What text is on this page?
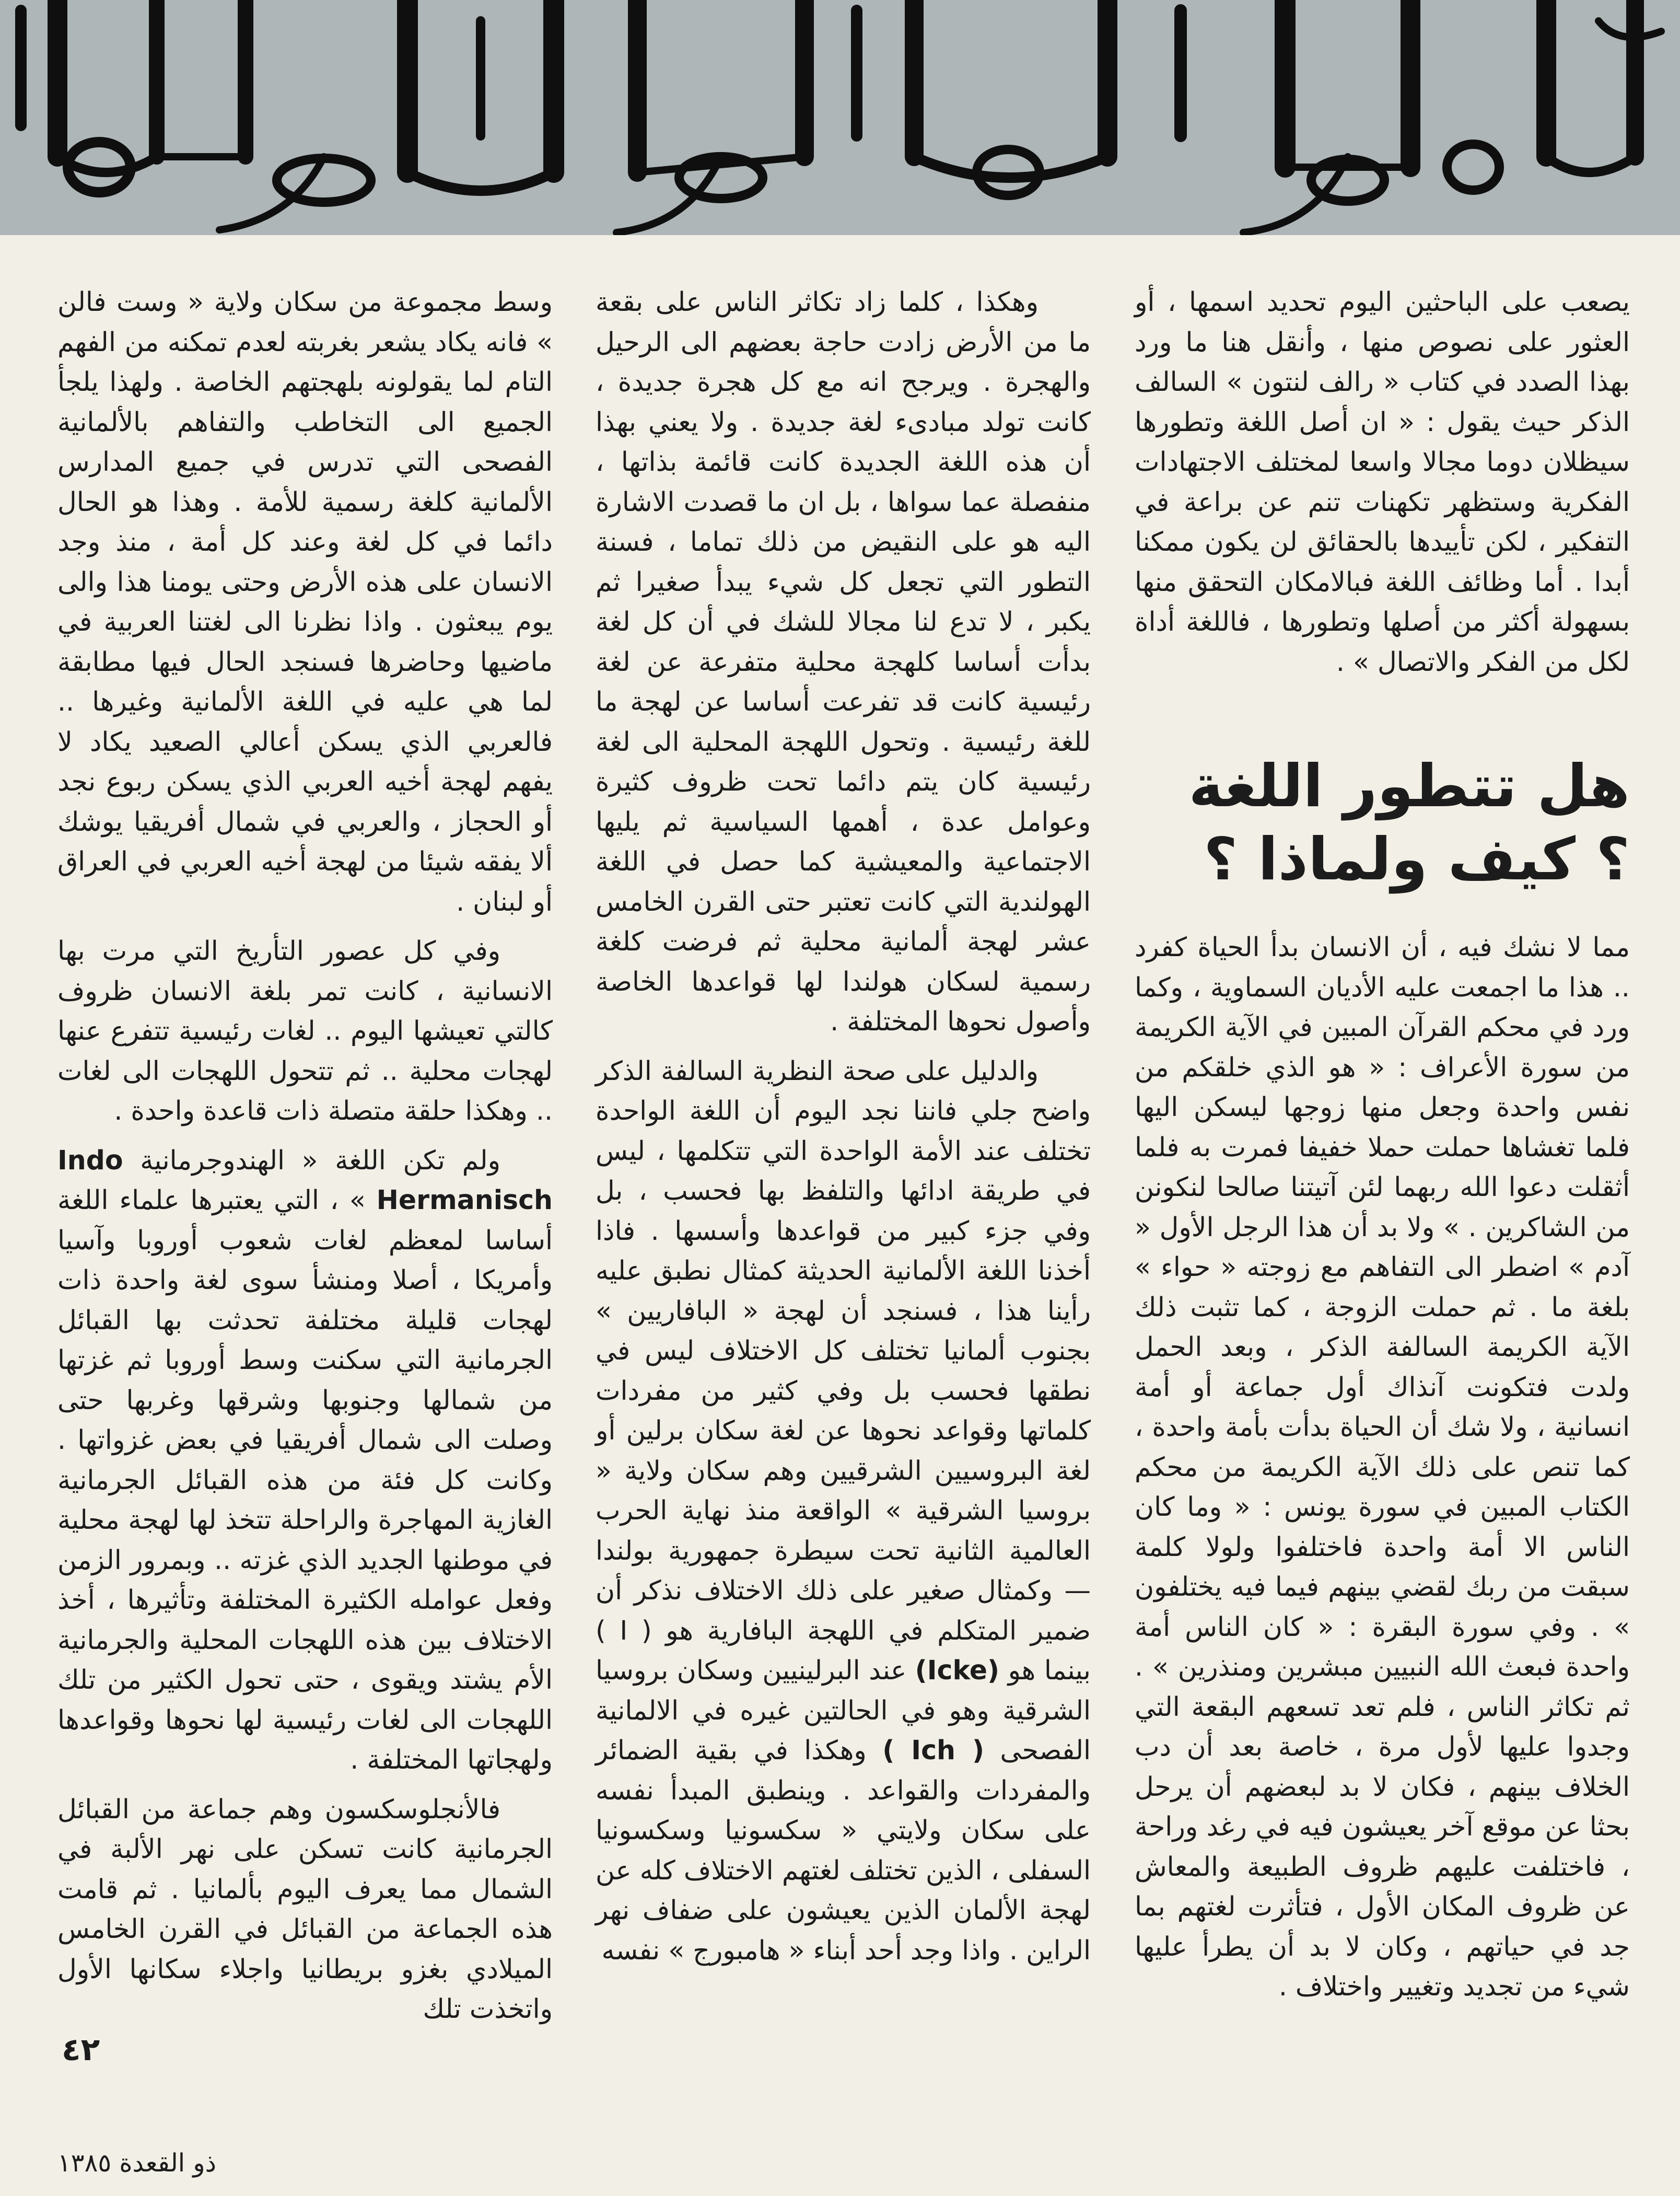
يصعب على الباحثين اليوم تحديد اسمها ، أو العثور على نصوص منها ، وأنقل هنا ما ورد بهذا الصدد في كتاب « رالف لنتون » السالف الذكر حيث يقول : « ان أصل اللغة وتطورها سيظلان دوما مجالا واسعا لمختلف الاجتهادات الفكرية وستظهر تكهنات تنم عن براعة في التفكير ، لكن تأييدها بالحقائق لن يكون ممكنا أبدا . أما وظائف اللغة فبالامكان التحقق منها بسهولة أكثر من أصلها وتطورها ، فاللغة أداة لكل من الفكر والاتصال » .

هل تتطور اللغة ؟ كيف ولماذا ؟

مما لا نشك فيه ، أن الانسان بدأ الحياة كفرد .. هذا ما اجمعت عليه الأديان السماوية ، وكما ورد في محكم القرآن المبين في الآية الكريمة من سورة الأعراف : « هو الذي خلقكم من نفس واحدة وجعل منها زوجها ليسكن اليها فلما تغشاها حملت حملا خفيفا فمرت به فلما أثقلت دعوا الله ربهما لئن آتيتنا صالحا لنكونن من الشاكرين . » ولا بد أن هذا الرجل الأول « آدم » اضطر الى التفاهم مع زوجته « حواء » بلغة ما . ثم حملت الزوجة ، كما تثبت ذلك الآية الكريمة السالفة الذكر ، وبعد الحمل ولدت فتكونت آنذاك أول جماعة أو أمة انسانية ، ولا شك أن الحياة بدأت بأمة واحدة ، كما تنص على ذلك الآية الكريمة من محكم الكتاب المبين في سورة يونس : « وما كان الناس الا أمة واحدة فاختلفوا ولولا كلمة سبقت من ربك لقضي بينهم فيما فيه يختلفون » . وفي سورة البقرة : « كان الناس أمة واحدة فبعث الله النبيين مبشرين ومنذرين » . ثم تكاثر الناس ، فلم تعد تسعهم البقعة التي وجدوا عليها لأول مرة ، خاصة بعد أن دب الخلاف بينهم ، فكان لا بد لبعضهم أن يرحل بحثا عن موقع آخر يعيشون فيه في رغد وراحة ، فاختلفت عليهم ظروف الطبيعة والمعاش عن ظروف المكان الأول ، فتأثرت لغتهم بما جد في حياتهم ، وكان لا بد أن يطرأ عليها شيء من تجديد وتغيير واختلاف .

وهكذا ، كلما زاد تكاثر الناس على بقعة ما من الأرض زادت حاجة بعضهم الى الرحيل والهجرة . ويرجح انه مع كل هجرة جديدة ، كانت تولد مبادىء لغة جديدة . ولا يعني بهذا أن هذه اللغة الجديدة كانت قائمة بذاتها ، منفصلة عما سواها ، بل ان ما قصدت الاشارة اليه هو على النقيض من ذلك تماما ، فسنة التطور التي تجعل كل شيء يبدأ صغيرا ثم يكبر ، لا تدع لنا مجالا للشك في أن كل لغة بدأت أساسا كلهجة محلية متفرعة عن لغة رئيسية كانت قد تفرعت أساسا عن لهجة ما للغة رئيسية . وتحول اللهجة المحلية الى لغة رئيسية كان يتم دائما تحت ظروف كثيرة وعوامل عدة ، أهمها السياسية ثم يليها الاجتماعية والمعيشية كما حصل في اللغة الهولندية التي كانت تعتبر حتى القرن الخامس عشر لهجة ألمانية محلية ثم فرضت كلغة رسمية لسكان هولندا لها قواعدها الخاصة وأصول نحوها المختلفة .

والدليل على صحة النظرية السالفة الذكر واضح جلي فاننا نجد اليوم أن اللغة الواحدة تختلف عند الأمة الواحدة التي تتكلمها ، ليس في طريقة ادائها والتلفظ بها فحسب ، بل وفي جزء كبير من قواعدها وأسسها . فاذا أخذنا اللغة الألمانية الحديثة كمثال نطبق عليه رأينا هذا ، فسنجد أن لهجة « البافاريين » بجنوب ألمانيا تختلف كل الاختلاف ليس في نطقها فحسب بل وفي كثير من مفردات كلماتها وقواعد نحوها عن لغة سكان برلين أو لغة البروسيين الشرقيين وهم سكان ولاية « بروسيا الشرقية » الواقعة منذ نهاية الحرب العالمية الثانية تحت سيطرة جمهورية بولندا — وكمثال صغير على ذلك الاختلاف نذكر أن ضمير المتكلم في اللهجة البافارية هو ( I ) بينما هو (Icke) عند البرلينيين وسكان بروسيا الشرقية وهو في الحالتين غيره في الالمانية الفصحى ( Ich ) وهكذا في بقية الضمائر والمفردات والقواعد . وينطبق المبدأ نفسه على سكان ولايتي « سكسونيا وسكسونيا السفلى ، الذين تختلف لغتهم الاختلاف كله عن لهجة الألمان الذين يعيشون على ضفاف نهر الراين . واذا وجد أحد أبناء « هامبورج » نفسه

وسط مجموعة من سكان ولاية « وست فالن » فانه يكاد يشعر بغربته لعدم تمكنه من الفهم التام لما يقولونه بلهجتهم الخاصة . ولهذا يلجأ الجميع الى التخاطب والتفاهم بالألمانية الفصحى التي تدرس في جميع المدارس الألمانية كلغة رسمية للأمة . وهذا هو الحال دائما في كل لغة وعند كل أمة ، منذ وجد الانسان على هذه الأرض وحتى يومنا هذا والى يوم يبعثون . واذا نظرنا الى لغتنا العربية في ماضيها وحاضرها فسنجد الحال فيها مطابقة لما هي عليه في اللغة الألمانية وغيرها .. فالعربي الذي يسكن أعالي الصعيد يكاد لا يفهم لهجة أخيه العربي الذي يسكن ربوع نجد أو الحجاز ، والعربي في شمال أفريقيا يوشك ألا يفقه شيئا من لهجة أخيه العربي في العراق أو لبنان .

وفي كل عصور التأريخ التي مرت بها الانسانية ، كانت تمر بلغة الانسان ظروف كالتي تعيشها اليوم .. لغات رئيسية تتفرع عنها لهجات محلية .. ثم تتحول اللهجات الى لغات .. وهكذا حلقة متصلة ذات قاعدة واحدة .

ولم تكن اللغة « الهندوجرمانية Indo Hermanisch » ، التي يعتبرها علماء اللغة أساسا لمعظم لغات شعوب أوروبا وآسيا وأمريكا ، أصلا ومنشأ سوى لغة واحدة ذات لهجات قليلة مختلفة تحدثت بها القبائل الجرمانية التي سكنت وسط أوروبا ثم غزتها من شمالها وجنوبها وشرقها وغربها حتى وصلت الى شمال أفريقيا في بعض غزواتها . وكانت كل فئة من هذه القبائل الجرمانية الغازية المهاجرة والراحلة تتخذ لها لهجة محلية في موطنها الجديد الذي غزته .. وبمرور الزمن وفعل عوامله الكثيرة المختلفة وتأثيرها ، أخذ الاختلاف بين هذه اللهجات المحلية والجرمانية الأم يشتد ويقوى ، حتى تحول الكثير من تلك اللهجات الى لغات رئيسية لها نحوها وقواعدها ولهجاتها المختلفة .

فالأنجلوسكسون وهم جماعة من القبائل الجرمانية كانت تسكن على نهر الألبة في الشمال مما يعرف اليوم بألمانيا . ثم قامت هذه الجماعة من القبائل في القرن الخامس الميلادي بغزو بريطانيا واجلاء سكانها الأول واتخذت تلك

٤٢
ذو القعدة ١٣٨٥
